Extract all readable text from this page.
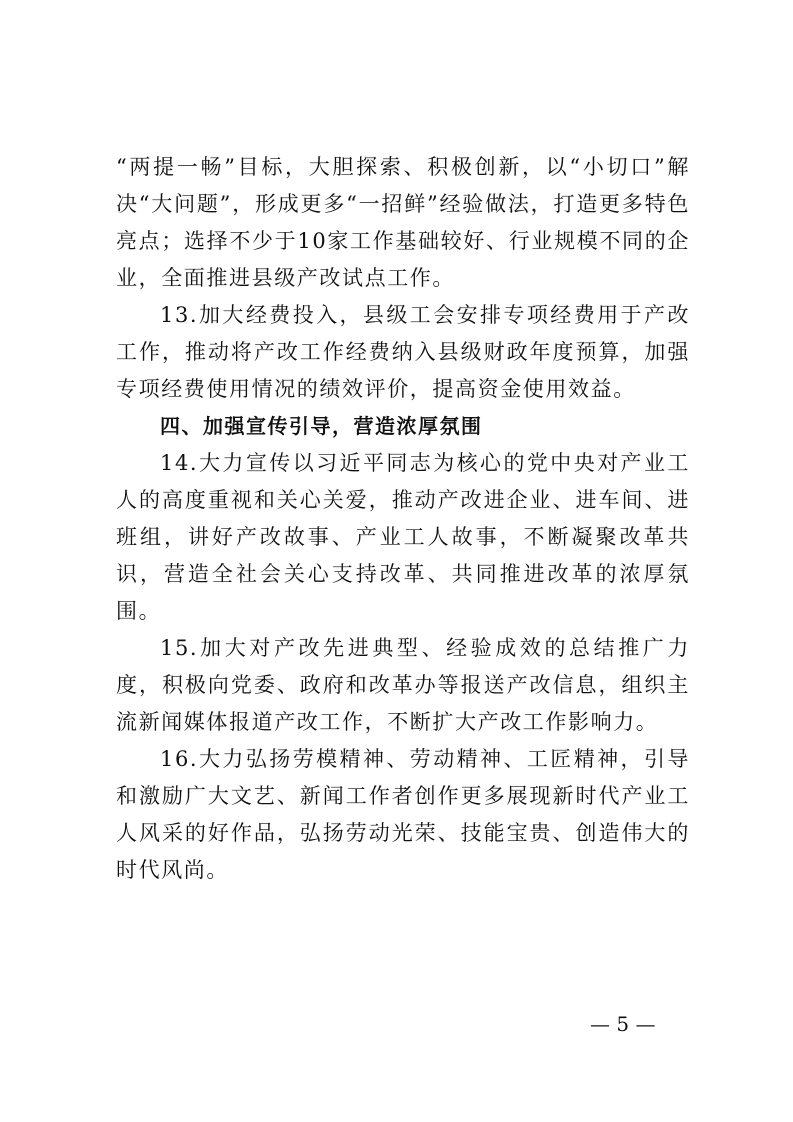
“两提一畅”目标，大胆探索、积极创新，以“小切口”解决“大问题”，形成更多“一招鲜”经验做法，打造更多特色亮点；选择不少于10家工作基础较好、行业规模不同的企业，全面推进县级产改试点工作。

13.加大经费投入，县级工会安排专项经费用于产改工作，推动将产改工作经费纳入县级财政年度预算，加强专项经费使用情况的绩效评价，提高资金使用效益。

四、加强宣传引导，营造浓厚氛围

14.大力宣传以习近平同志为核心的党中央对产业工人的高度重视和关心关爱，推动产改进企业、进车间、进班组，讲好产改故事、产业工人故事，不断凝聚改革共识，营造全社会关心支持改革、共同推进改革的浓厚氛围。

15.加大对产改先进典型、经验成效的总结推广力度，积极向党委、政府和改革办等报送产改信息，组织主流新闻媒体报道产改工作，不断扩大产改工作影响力。

16.大力弘扬劳模精神、劳动精神、工匠精神，引导和激励广大文艺、新闻工作者创作更多展现新时代产业工人风采的好作品，弘扬劳动光荣、技能宝贵、创造伟大的时代风尚。

— 5 —
